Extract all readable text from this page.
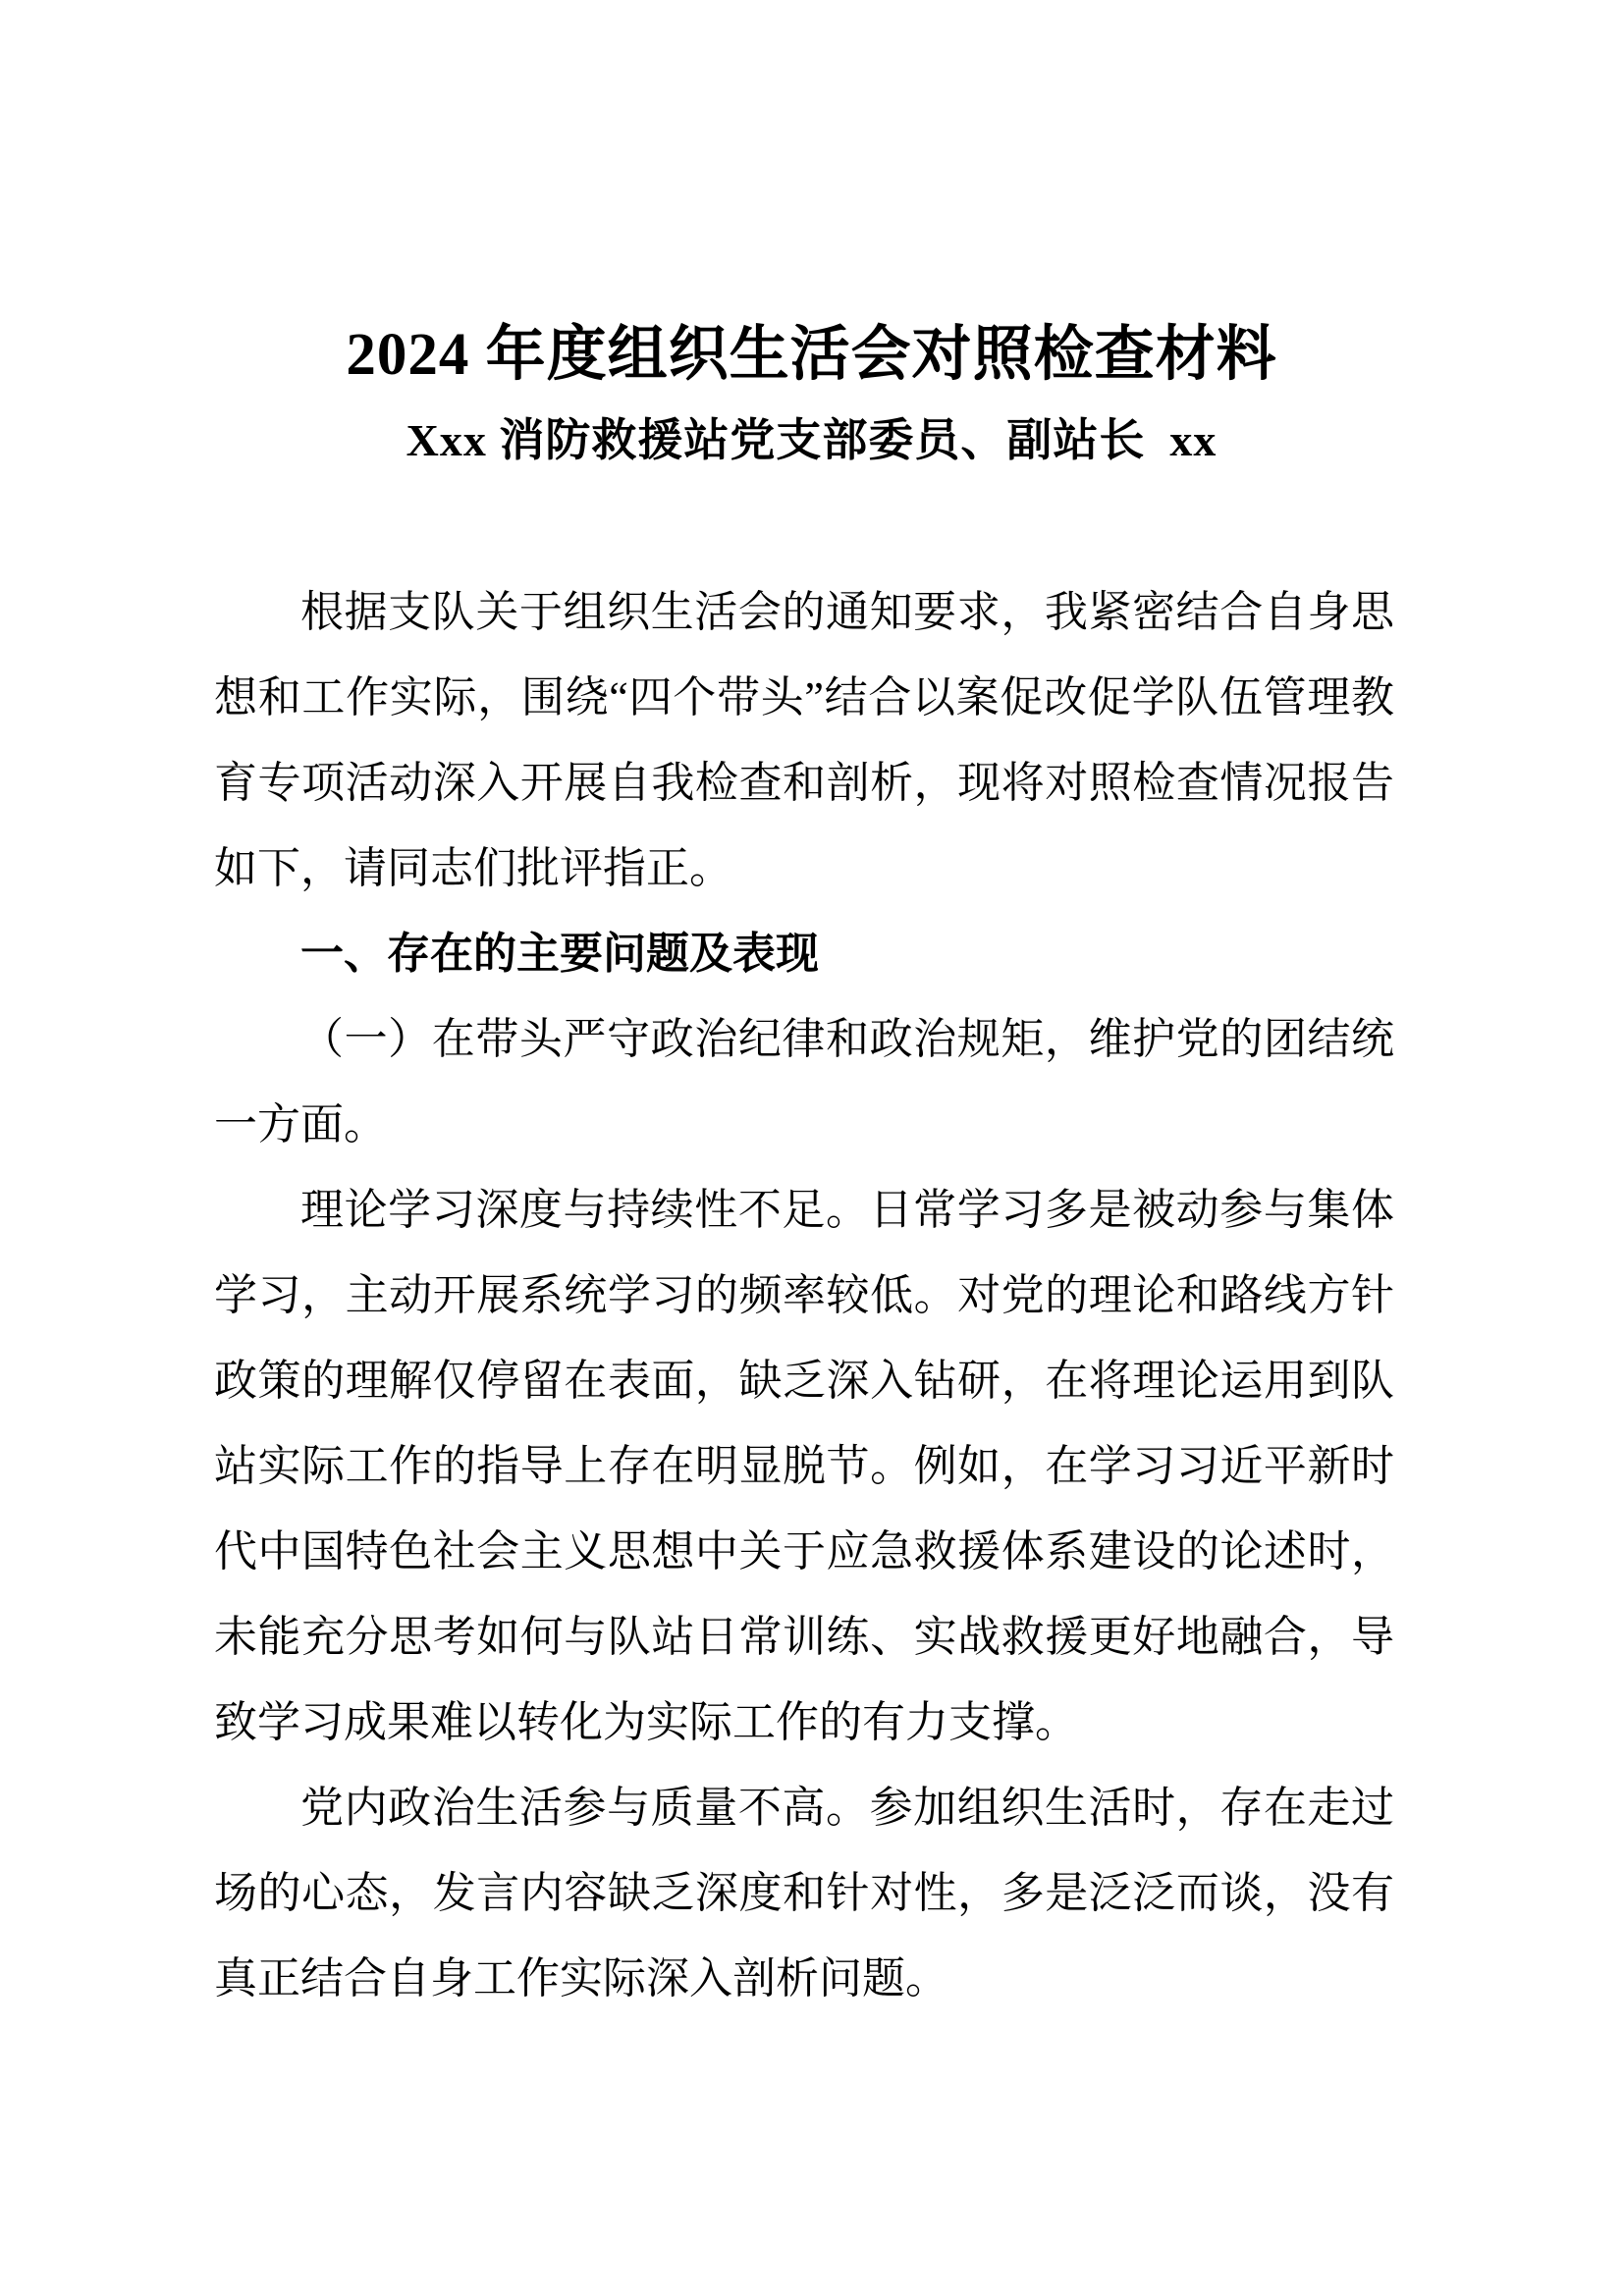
2024 年度组织生活会对照检查材料
Xxx 消防救援站党支部委员、副站长  xx

根据支队关于组织生活会的通知要求，我紧密结合自身思想和工作实际，围绕“四个带头”结合以案促改促学队伍管理教育专项活动深入开展自我检查和剖析，现将对照检查情况报告如下，请同志们批评指正。

一、存在的主要问题及表现

（一）在带头严守政治纪律和政治规矩，维护党的团结统一方面。

理论学习深度与持续性不足。日常学习多是被动参与集体学习，主动开展系统学习的频率较低。对党的理论和路线方针政策的理解仅停留在表面，缺乏深入钻研，在将理论运用到队站实际工作的指导上存在明显脱节。例如，在学习习近平新时代中国特色社会主义思想中关于应急救援体系建设的论述时，未能充分思考如何与队站日常训练、实战救援更好地融合，导致学习成果难以转化为实际工作的有力支撑。

党内政治生活参与质量不高。参加组织生活时，存在走过场的心态，发言内容缺乏深度和针对性，多是泛泛而谈，没有真正结合自身工作实际深入剖析问题。
